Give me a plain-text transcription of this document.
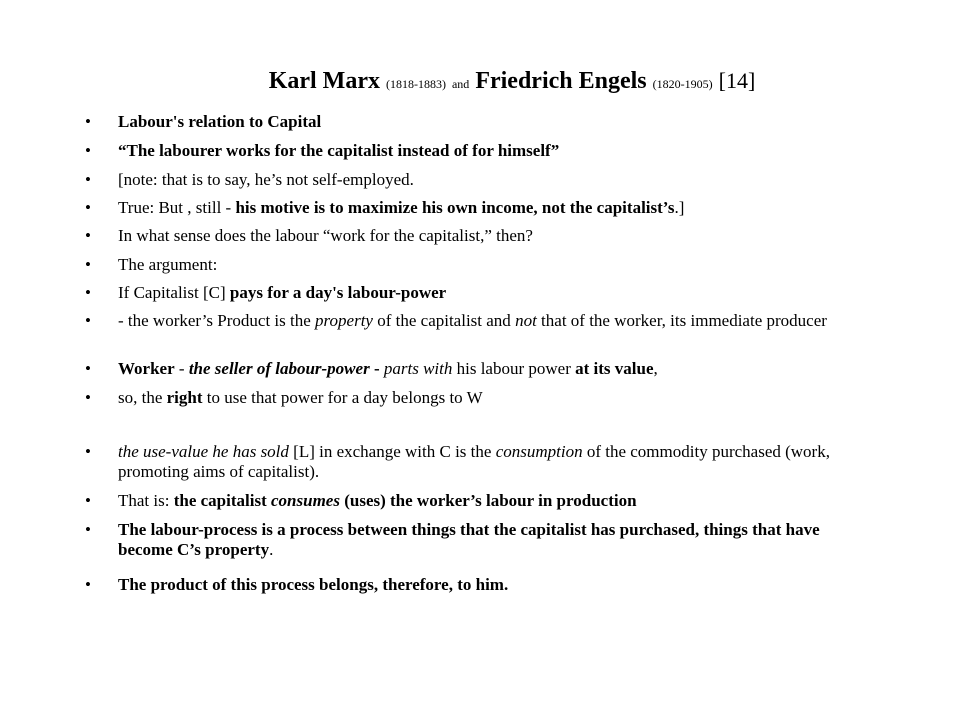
Karl Marx (1818-1883) and Friedrich Engels (1820-1905) [14]
• Labour's relation to Capital
• “The labourer works for the capitalist instead of for himself”
• [note: that is to say, he’s not self-employed.
• True: But , still - his motive is to maximize his own income, not the capitalist’s.]
• In what sense does the labour “work for the capitalist,” then?
• The argument:
• If Capitalist [C] pays for a day's labour-power
• - the worker’s Product is the property of the capitalist and not that of the worker, its immediate producer
• Worker - the seller of labour-power - parts with his labour power at its value,
• so, the right to use that power for a day belongs to W
• the use-value he has sold [L] in exchange with C is the consumption of the commodity purchased (work, promoting aims of capitalist).
• That is: the capitalist consumes (uses) the worker’s labour in production
• The labour-process is a process between things that the capitalist has purchased, things that have become C’s property.
• The product of this process belongs, therefore, to him.
